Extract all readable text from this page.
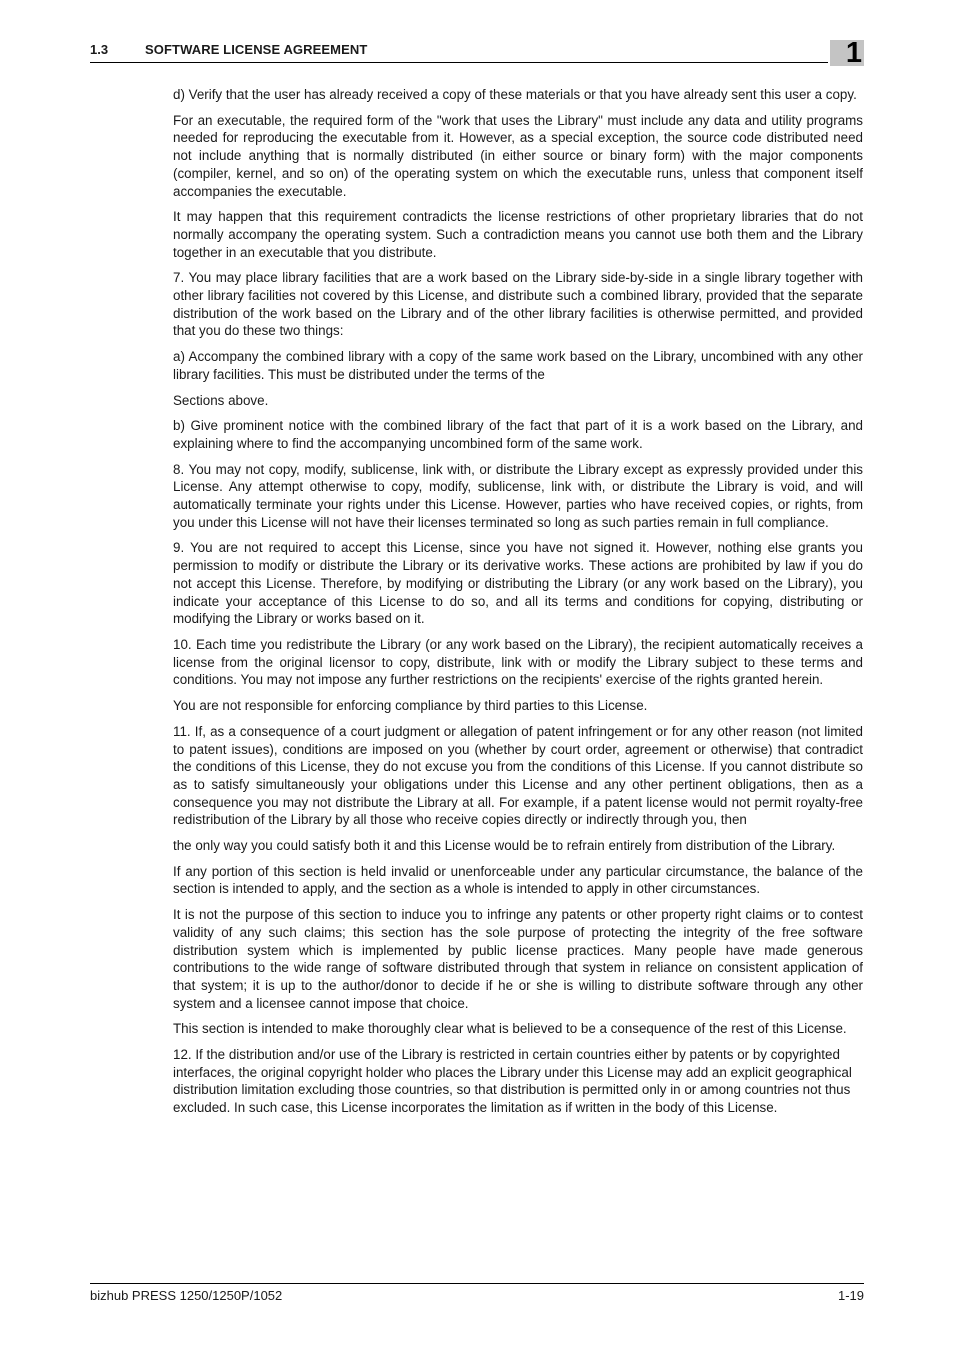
1.3	SOFTWARE LICENSE AGREEMENT	1

d) Verify that the user has already received a copy of these materials or that you have already sent this user a copy.

For an executable, the required form of the "work that uses the Library" must include any data and utility programs needed for reproducing the executable from it. However, as a special exception, the source code distributed need not include anything that is normally distributed (in either source or binary form) with the major components (compiler, kernel, and so on) of the operating system on which the executable runs, unless that component itself accompanies the executable.

It may happen that this requirement contradicts the license restrictions of other proprietary libraries that do not normally accompany the operating system. Such a contradiction means you cannot use both them and the Library together in an executable that you distribute.

7. You may place library facilities that are a work based on the Library side-by-side in a single library together with other library facilities not covered by this License, and distribute such a combined library, provided that the separate distribution of the work based on the Library and of the other library facilities is otherwise permitted, and provided that you do these two things:

a) Accompany the combined library with a copy of the same work based on the Library, uncombined with any other library facilities. This must be distributed under the terms of the

Sections above.

b) Give prominent notice with the combined library of the fact that part of it is a work based on the Library, and explaining where to find the accompanying uncombined form of the same work.

8. You may not copy, modify, sublicense, link with, or distribute the Library except as expressly provided under this License. Any attempt otherwise to copy, modify, sublicense, link with, or distribute the Library is void, and will automatically terminate your rights under this License. However, parties who have received copies, or rights, from you under this License will not have their licenses terminated so long as such parties remain in full compliance.

9. You are not required to accept this License, since you have not signed it. However, nothing else grants you permission to modify or distribute the Library or its derivative works. These actions are prohibited by law if you do not accept this License. Therefore, by modifying or distributing the Library (or any work based on the Library), you indicate your acceptance of this License to do so, and all its terms and conditions for copying, distributing or modifying the Library or works based on it.

10. Each time you redistribute the Library (or any work based on the Library), the recipient automatically receives a license from the original licensor to copy, distribute, link with or modify the Library subject to these terms and conditions. You may not impose any further restrictions on the recipients' exercise of the rights granted herein.

You are not responsible for enforcing compliance by third parties to this License.

11. If, as a consequence of a court judgment or allegation of patent infringement or for any other reason (not limited to patent issues), conditions are imposed on you (whether by court order, agreement or otherwise) that contradict the conditions of this License, they do not excuse you from the conditions of this License. If you cannot distribute so as to satisfy simultaneously your obligations under this License and any other pertinent obligations, then as a consequence you may not distribute the Library at all. For example, if a patent license would not permit royalty-free redistribution of the Library by all those who receive copies directly or indirectly through you, then

the only way you could satisfy both it and this License would be to refrain entirely from distribution of the Library.

If any portion of this section is held invalid or unenforceable under any particular circumstance, the balance of the section is intended to apply, and the section as a whole is intended to apply in other circumstances.

It is not the purpose of this section to induce you to infringe any patents or other property right claims or to contest validity of any such claims; this section has the sole purpose of protecting the integrity of the free software distribution system which is implemented by public license practices. Many people have made generous contributions to the wide range of software distributed through that system in reliance on consistent application of that system; it is up to the author/donor to decide if he or she is willing to distribute software through any other system and a licensee cannot impose that choice.

This section is intended to make thoroughly clear what is believed to be a consequence of the rest of this License.

12. If the distribution and/or use of the Library is restricted in certain countries either by patents or by copyrighted interfaces, the original copyright holder who places the Library under this License may add an explicit geographical distribution limitation excluding those countries, so that distribution is permitted only in or among countries not thus excluded. In such case, this License incorporates the limitation as if written in the body of this License.

bizhub PRESS 1250/1250P/1052	1-19
